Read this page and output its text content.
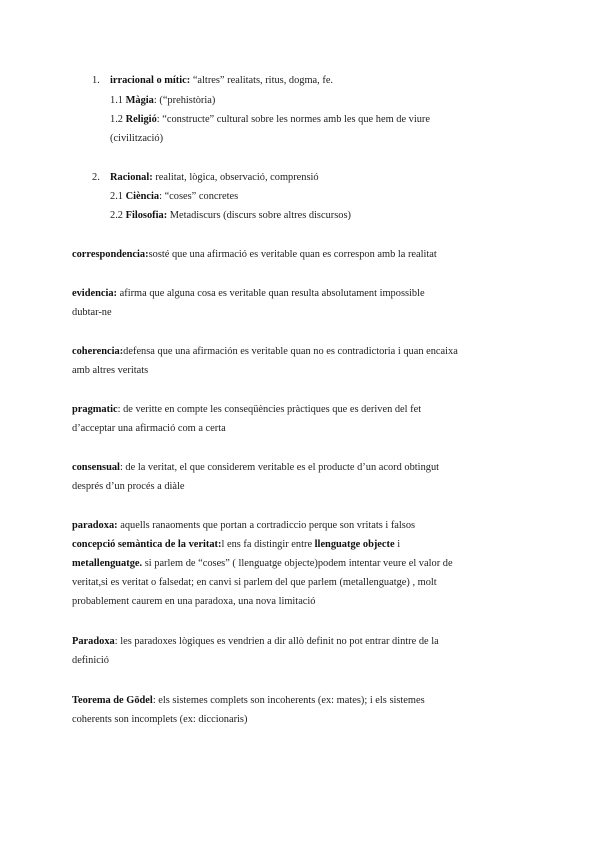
1. irracional o mític: “altres” realitats, ritus, dogma, fe.
1.1 Màgia: (“prehistòria)
1.2 Religió: “constructe” cultural sobre les normes amb les que hem de viure
(civilització)
2. Racional: realitat, lògica, observació, comprensió
2.1 Ciència: “coses” concretes
2.2 Filosofia: Metadiscurs (discurs sobre altres discursos)
correspondencia:sosté que una afirmació es veritable quan es correspon amb la realitat
evidencia: afirma que alguna cosa es veritable quan resulta absolutament impossible
dubtar-ne
coherencia:defensa que una afirmación es veritable quan no es contradictoria i quan encaixa
amb altres veritats
pragmatic: de veritte en compte les conseqüències pràctiques que es deriven del fet
d’acceptar una afirmació com a certa
consensual: de la veritat, el que considerem veritable es el producte d’un acord obtingut
després d’un procés a diàle
paradoxa: aquells ranaoments que portan a cortradiccio perque son vritats i falsos
concepció semàntica de la veritat:l ens fa distingir entre llenguatge objecte i
metallenguatge. si parlem de “coses” ( llenguatge objecte)podem intentar veure el valor de
veritat,si es veritat o falsedat; en canvi si parlem del que parlem (metallenguatge) , molt
probablement caurem en una paradoxa, una nova limitació
Paradoxa: les paradoxes lògiques es vendrien a dir allò definit no pot entrar dintre de la
definició
Teorema de Gödel: els sistemes complets son incoherents (ex: mates); i els sistemes
coherents son incomplets (ex: diccionaris)
